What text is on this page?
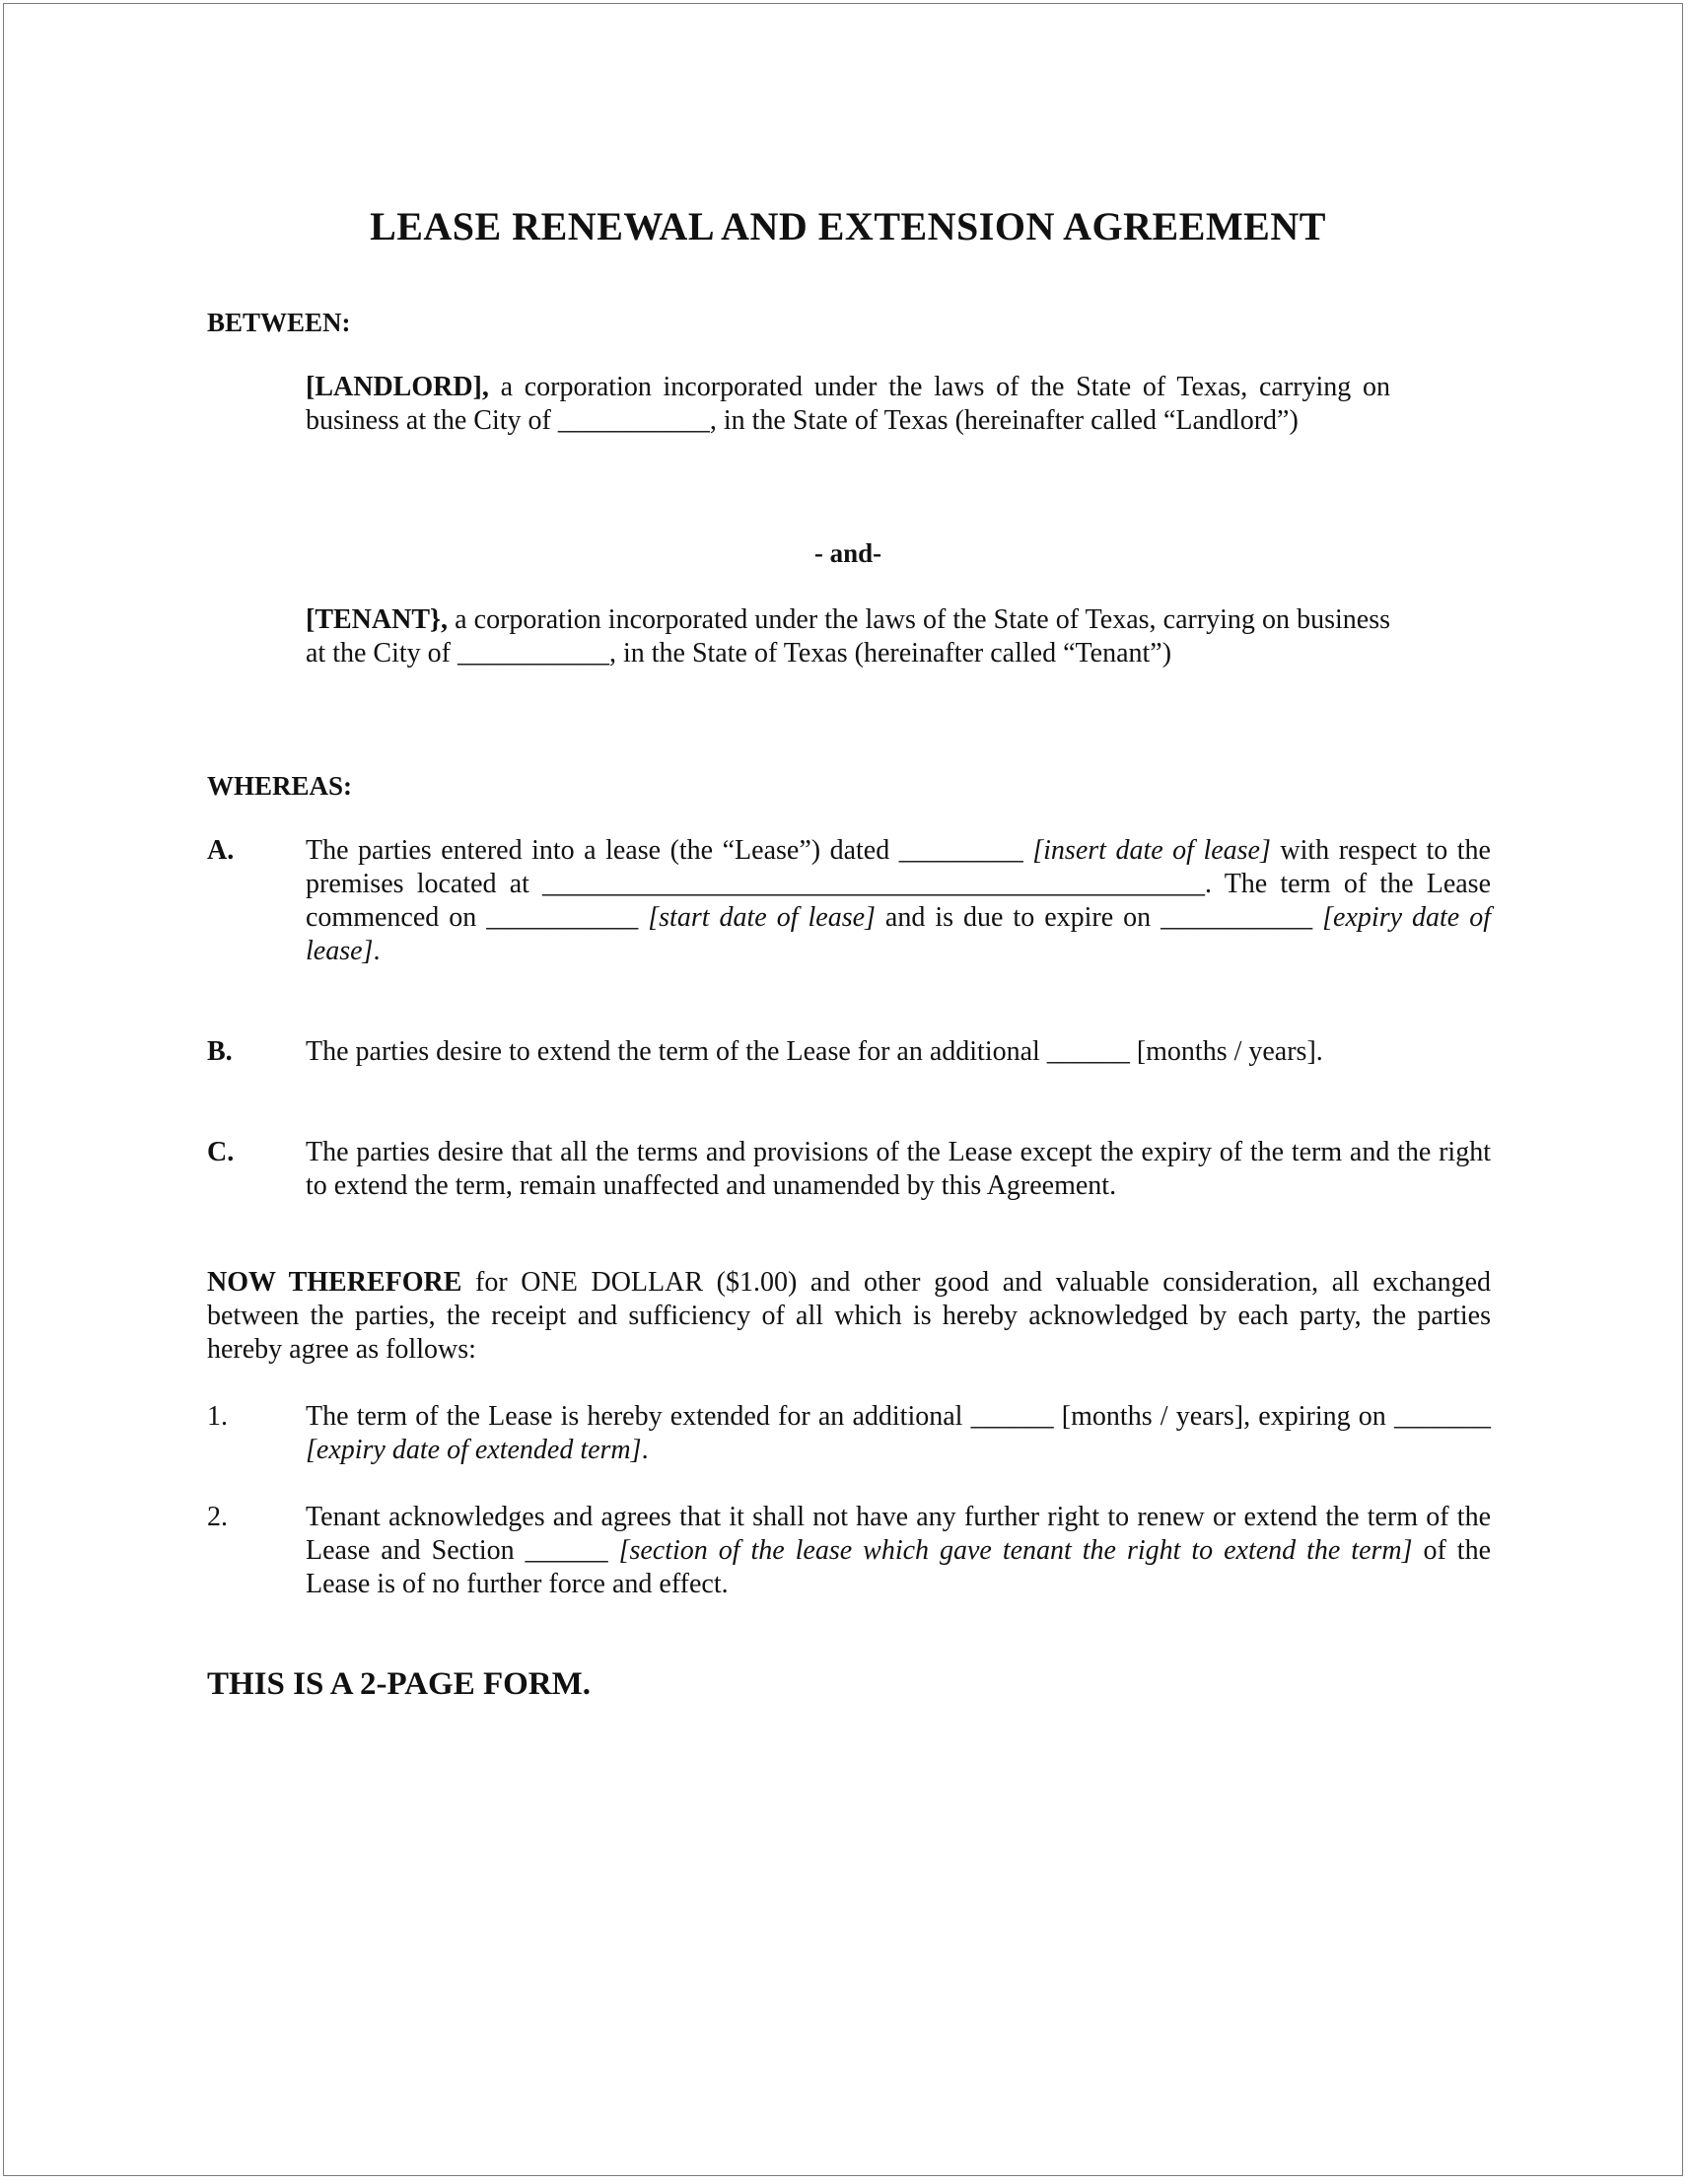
LEASE RENEWAL AND EXTENSION AGREEMENT

BETWEEN:

[LANDLORD], a corporation incorporated under the laws of the State of Texas, carrying on business at the City of ___________, in the State of Texas (hereinafter called “Landlord”)

- and-

[TENANT}, a corporation incorporated under the laws of the State of Texas, carrying on business at the City of ___________, in the State of Texas (hereinafter called “Tenant”)

WHEREAS:

A.	The parties entered into a lease (the “Lease”) dated _________ [insert date of lease] with respect to the premises located at ________________________________________________. The term of the Lease commenced on ___________ [start date of lease] and is due to expire on ___________ [expiry date of lease].

B.	The parties desire to extend the term of the Lease for an additional ______ [months / years].

C.	The parties desire that all the terms and provisions of the Lease except the expiry of the term and the right to extend the term, remain unaffected and unamended by this Agreement.

NOW THEREFORE for ONE DOLLAR ($1.00) and other good and valuable consideration, all exchanged between the parties, the receipt and sufficiency of all which is hereby acknowledged by each party, the parties hereby agree as follows:

1.	The term of the Lease is hereby extended for an additional ______ [months / years], expiring on _______ [expiry date of extended term].

2.	Tenant acknowledges and agrees that it shall not have any further right to renew or extend the term of the Lease and Section ______ [section of the lease which gave tenant the right to extend the term] of the Lease is of no further force and effect.

THIS IS A 2-PAGE FORM.
